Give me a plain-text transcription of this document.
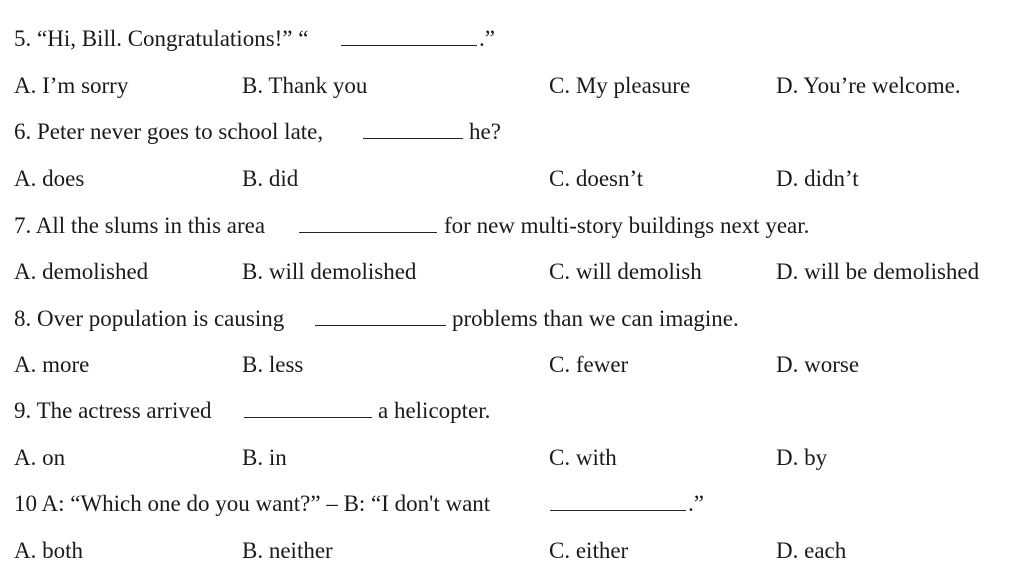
5. “Hi, Bill. Congratulations!” “	.”
A. I’m sorry	B. Thank you	C. My pleasure	D. You’re welcome.
6. Peter never goes to school late,	he?
A. does	B. did	C. doesn’t	D. didn’t
7. All the slums in this area	for new multi-story buildings next year.
A. demolished	B. will demolished	C. will demolish	D. will be demolished
8. Over population is causing	problems than we can imagine.
A. more	B. less	C. fewer	D. worse
9. The actress arrived	a helicopter.
A. on	B. in	C. with	D. by
10 A: “Which one do you want?” – B: “I don't want	.”
A. both	B. neither	C. either	D. each
